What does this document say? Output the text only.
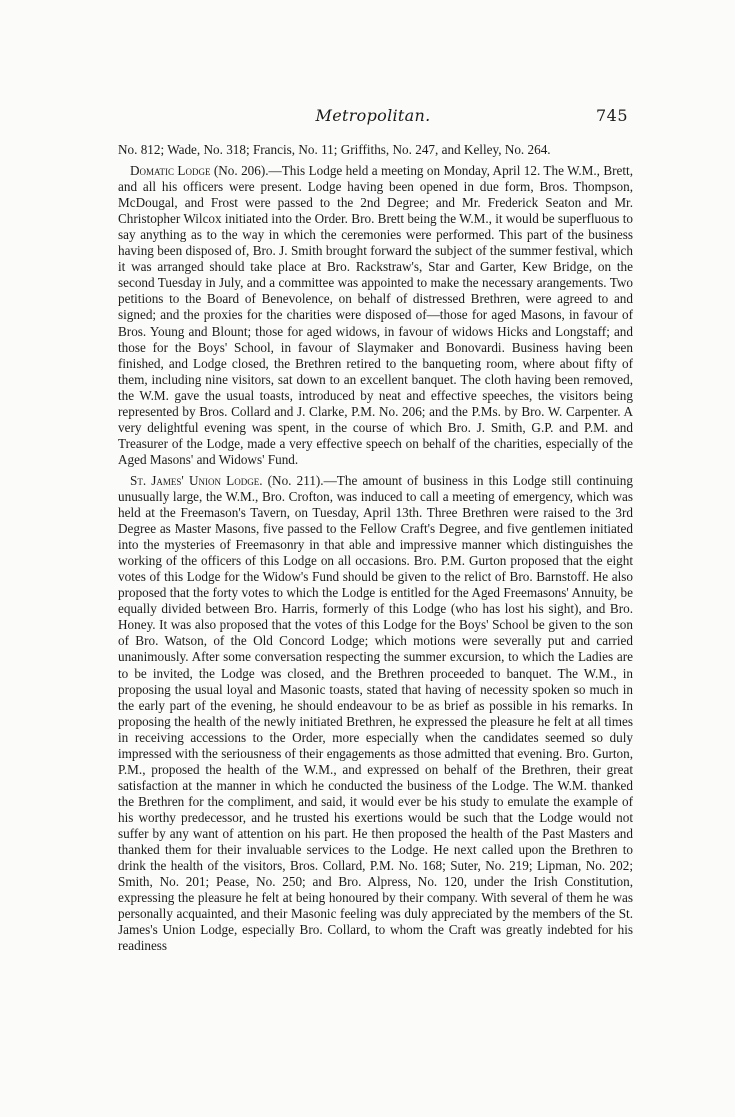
Metropolitan.	745

No. 812; Wade, No. 318; Francis, No. 11; Griffiths, No. 247, and Kelley, No. 264.

Domatic Lodge (No. 206).—This Lodge held a meeting on Monday, April 12. The W.M., Brett, and all his officers were present. Lodge having been opened in due form, Bros. Thompson, McDougal, and Frost were passed to the 2nd Degree; and Mr. Frederick Seaton and Mr. Christopher Wilcox initiated into the Order. Bro. Brett being the W.M., it would be superfluous to say anything as to the way in which the ceremonies were performed. This part of the business having been disposed of, Bro. J. Smith brought forward the subject of the summer festival, which it was arranged should take place at Bro. Rackstraw's, Star and Garter, Kew Bridge, on the second Tuesday in July, and a committee was appointed to make the necessary arangements. Two petitions to the Board of Benevolence, on behalf of distressed Brethren, were agreed to and signed; and the proxies for the charities were disposed of—those for aged Masons, in favour of Bros. Young and Blount; those for aged widows, in favour of widows Hicks and Longstaff; and those for the Boys' School, in favour of Slaymaker and Bonovardi. Business having been finished, and Lodge closed, the Brethren retired to the banqueting room, where about fifty of them, including nine visitors, sat down to an excellent banquet. The cloth having been removed, the W.M. gave the usual toasts, introduced by neat and effective speeches, the visitors being represented by Bros. Collard and J. Clarke, P.M. No. 206; and the P.Ms. by Bro. W. Carpenter. A very delightful evening was spent, in the course of which Bro. J. Smith, G.P. and P.M. and Treasurer of the Lodge, made a very effective speech on behalf of the charities, especially of the Aged Masons' and Widows' Fund.

St. James' Union Lodge. (No. 211).—The amount of business in this Lodge still continuing unusually large, the W.M., Bro. Crofton, was induced to call a meeting of emergency, which was held at the Freemason's Tavern, on Tuesday, April 13th. Three Brethren were raised to the 3rd Degree as Master Masons, five passed to the Fellow Craft's Degree, and five gentlemen initiated into the mysteries of Freemasonry in that able and impressive manner which distinguishes the working of the officers of this Lodge on all occasions. Bro. P.M. Gurton proposed that the eight votes of this Lodge for the Widow's Fund should be given to the relict of Bro. Barnstoff. He also proposed that the forty votes to which the Lodge is entitled for the Aged Freemasons' Annuity, be equally divided between Bro. Harris, formerly of this Lodge (who has lost his sight), and Bro. Honey. It was also proposed that the votes of this Lodge for the Boys' School be given to the son of Bro. Watson, of the Old Concord Lodge; which motions were severally put and carried unanimously. After some conversation respecting the summer excursion, to which the Ladies are to be invited, the Lodge was closed, and the Brethren proceeded to banquet. The W.M., in proposing the usual loyal and Masonic toasts, stated that having of necessity spoken so much in the early part of the evening, he should endeavour to be as brief as possible in his remarks. In proposing the health of the newly initiated Brethren, he expressed the pleasure he felt at all times in receiving accessions to the Order, more especially when the candidates seemed so duly impressed with the seriousness of their engagements as those admitted that evening. Bro. Gurton, P.M., proposed the health of the W.M., and expressed on behalf of the Brethren, their great satisfaction at the manner in which he conducted the business of the Lodge. The W.M. thanked the Brethren for the compliment, and said, it would ever be his study to emulate the example of his worthy predecessor, and he trusted his exertions would be such that the Lodge would not suffer by any want of attention on his part. He then proposed the health of the Past Masters and thanked them for their invaluable services to the Lodge. He next called upon the Brethren to drink the health of the visitors, Bros. Collard, P.M. No. 168; Suter, No. 219; Lipman, No. 202; Smith, No. 201; Pease, No. 250; and Bro. Alpress, No. 120, under the Irish Constitution, expressing the pleasure he felt at being honoured by their company. With several of them he was personally acquainted, and their Masonic feeling was duly appreciated by the members of the St. James's Union Lodge, especially Bro. Collard, to whom the Craft was greatly indebted for his readiness
